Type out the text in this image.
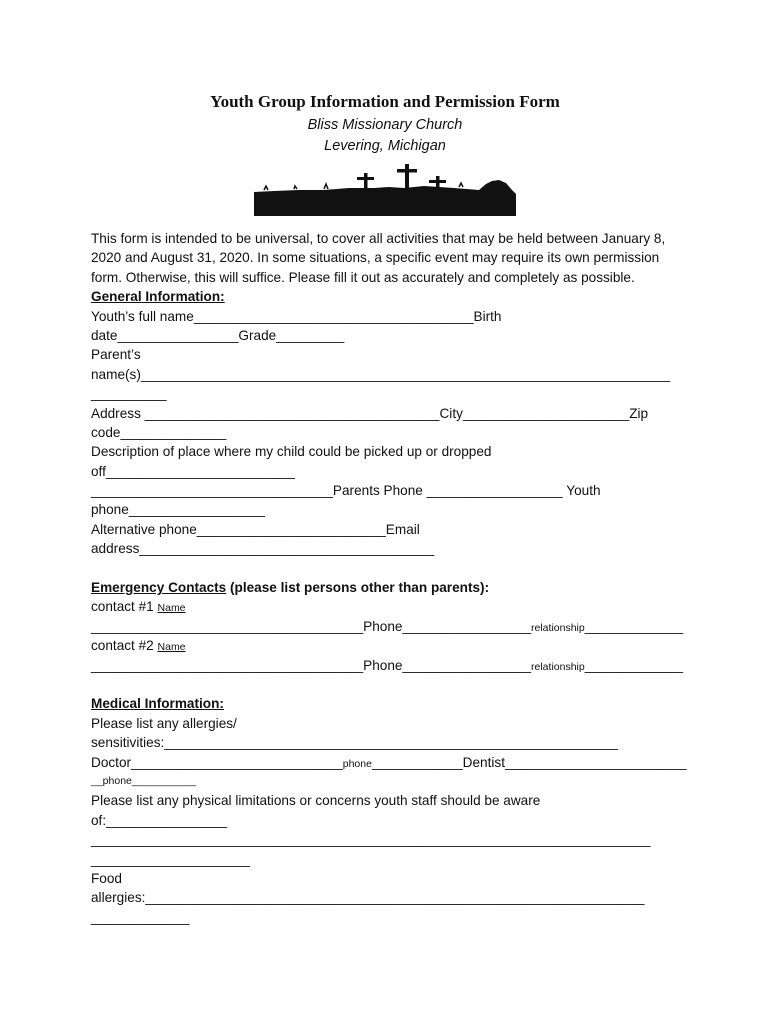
Youth Group Information and Permission Form
Bliss Missionary Church
Levering, Michigan
This form is intended to be universal, to cover all activities that may be held between January 8,
2020 and August 31, 2020. In some situations, a specific event may require its own permission
form. Otherwise, this will suffice. Please fill it out as accurately and completely as possible.
General Information:
Youth’s full name_____________________________________Birth
date________________Grade_________
Parent’s
name(s)______________________________________________________________________
__________
Address _______________________________________City______________________Zip
code______________
Description of place where my child could be picked up or dropped
off_________________________
________________________________Parents Phone __________________ Youth
phone__________________
Alternative phone_________________________Email
address_______________________________________
Emergency Contacts (please list persons other than parents):
contact #1 Name
____________________________________Phone_________________relationship_____________
contact #2 Name
____________________________________Phone_________________relationship_____________
Medical Information:
Please list any allergies/
sensitivities:____________________________________________________________
Doctor____________________________phone____________Dentist________________________
__phone___________
Please list any physical limitations or concerns youth staff should be aware
of:________________
__________________________________________________________________________
_____________________
Food
allergies:__________________________________________________________________
_____________
